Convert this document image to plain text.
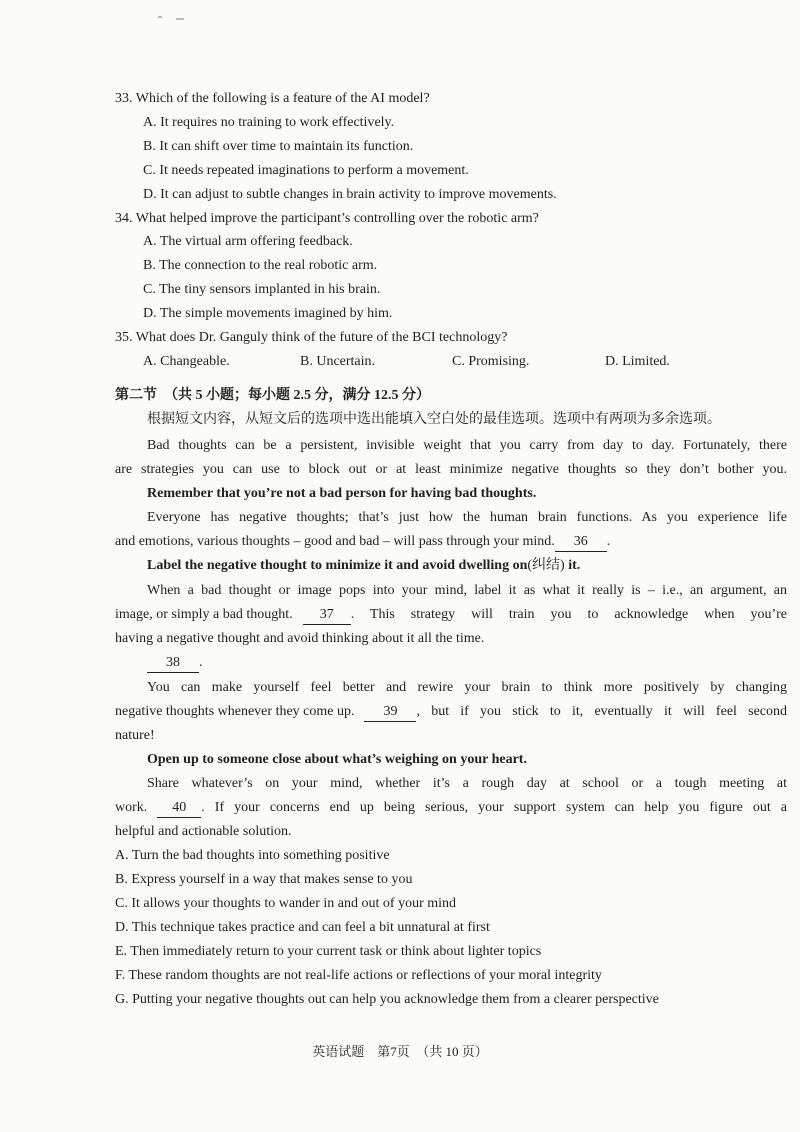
33. Which of the following is a feature of the AI model?
A. It requires no training to work effectively.
B. It can shift over time to maintain its function.
C. It needs repeated imaginations to perform a movement.
D. It can adjust to subtle changes in brain activity to improve movements.
34. What helped improve the participant’s controlling over the robotic arm?
A. The virtual arm offering feedback.
B. The connection to the real robotic arm.
C. The tiny sensors implanted in his brain.
D. The simple movements imagined by him.
35. What does Dr. Ganguly think of the future of the BCI technology?
A. Changeable.	B. Uncertain.	C. Promising.	D. Limited.
第二节　（共 5 小题；每小题 2.5 分，满分 12.5 分）
根据短文内容，从短文后的选项中选出能填入空白处的最佳选项。选项中有两项为多余选项。
Bad thoughts can be a persistent, invisible weight that you carry from day to day. Fortunately, there
are strategies you can use to block out or at least minimize negative thoughts so they don’t bother you.
Remember that you’re not a bad person for having bad thoughts.
Everyone has negative thoughts; that’s just how the human brain functions. As you experience life
and emotions, various thoughts – good and bad – will pass through your mind. 36 .
Label the negative thought to minimize it and avoid dwelling on(纠结) it.
When a bad thought or image pops into your mind, label it as what it really is – i.e., an argument, an
image, or simply a bad thought.	37	. This strategy will train you to acknowledge when you’re
having a negative thought and avoid thinking about it all the time.
38 .
You can make yourself feel better and rewire your brain to think more positively by changing
negative thoughts whenever they come up.	39	, but if you stick to it, eventually it will feel second
nature!
Open up to someone close about what’s weighing on your heart.
Share whatever’s on your mind, whether it’s a rough day at school or a tough meeting at
work.	40	. If your concerns end up being serious, your support system can help you figure out a
helpful and actionable solution.
A. Turn the bad thoughts into something positive
B. Express yourself in a way that makes sense to you
C. It allows your thoughts to wander in and out of your mind
D. This technique takes practice and can feel a bit unnatural at first
E. Then immediately return to your current task or think about lighter topics
F. These random thoughts are not real-life actions or reflections of your moral integrity
G. Putting your negative thoughts out can help you acknowledge them from a clearer perspective
英语试题　第7页　（共 10 页）
